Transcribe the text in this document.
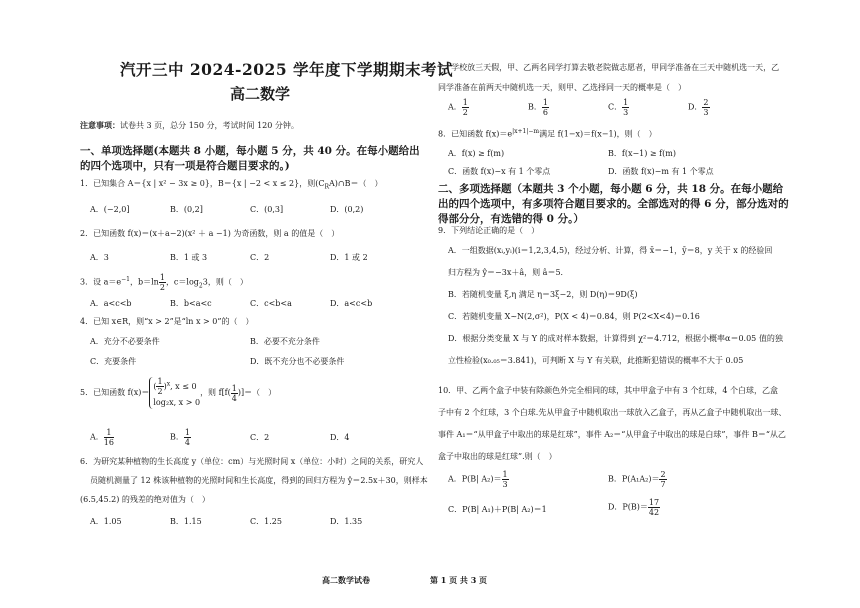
汽开三中 2024-2025 学年度下学期期末考试
高二数学
注意事项：试卷共 3 页，总分 150 分，考试时间 120 分钟。
一、单项选择题(本题共 8 小题，每小题 5 分，共 40 分。在每小题给出的四个选项中，只有一项是符合题目要求的。)
1．已知集合 A＝{x | x² − 3x ≥ 0}，B＝{x | −2 < x ≤ 2}，则$(C_RA)\cap B=$（　）
A．(−2,0]	B．(0,2]	C．(0,3]	D．(0,2)
2．已知函数 f(x)＝(x＋a−2)(x² ＋ a −1) 为奇函数，则 a 的值是（　）
A．3	B．1 或 3	C．2	D．1 或 2
3．设 $a=e^{-1}$，$b=\ln \frac{1}{2}$ ，$c=\log_23$，则（　）
A．a<c<b	B．b<a<c	C．c<b<a	D．a<c<b
4．已知 x∈R，则“x > 2”是“ln x > 0”的（　）
A．充分不必要条件	B．必要不充分条件
C．充要条件	D．既不充分也不必要条件
5．已知函数 $f(x)=( \frac{1}{2} )^x$, x ≤ 0
log₂x, x > 0，则 $f[f( \frac{1}{4}$ )]＝（　）
A． $\frac{1}{16}$	B． $\frac{1}{4}$	C．2	D．4
6．为研究某种植物的生长高度 y（单位：cm）与光照时间 x（单位：小时）之间的关系，研究人
员随机测量了 12 株该种植物的光照时间和生长高度，得到的回归方程为 ŷ＝2.5x＋30，则样本
(6.5,45.2) 的残差的绝对值为（　）
A．1.05	B．1.15	C．1.25	D．1.35
7．学校放三天假，甲、乙两名同学打算去敬老院做志愿者，甲同学准备在三天中随机选一天，乙
同学准备在前两天中随机选一天，则甲、乙选择同一天的概率是（　）
A． $\frac{1}{2}$	B． $\frac{1}{6}$	C． $\frac{1}{3}$	D． $\frac{2}{3}$
8．已知函数 $f(x)=e^{|x+1|-m}$满足 f(1−x)＝f(x−1)，则（　）
A．f(x) ≥ f(m)	B．f(x−1) ≥ f(m)
C．函数 f(x)−x 有 1 个零点	D．函数 f(x)−m 有 1 个零点
二、多项选择题（本题共 3 个小题，每小题 6 分，共 18 分。在每小题给出的四个选项中，有多项符合题目要求的。全部选对的得 6 分，部分选对的得部分分，有选错的得 0 分。）
9．下列结论正确的是（　）
A．一组数据(xᵢ,yᵢ)(i＝1,2,3,4,5)，经过分析、计算，得 x̄＝−1，ȳ＝8，y 关于 x 的经验回
归方程为 ŷ＝−3x＋â，则 â＝5．
B．若随机变量 ξ,η 满足 η＝3ξ−2，则 D(η)＝9D(ξ)
C．若随机变量 X~N(2,σ²)，P(X < 4)＝0.84，则 P(2<X<4)＝0.16
D．根据分类变量 X 与 Y 的成对样本数据，计算得到 χ²＝4.712，根据小概率α＝0.05 值的独
立性检验(x₀.₀₅＝3.841)，可判断 X 与 Y 有关联，此推断犯错误的概率不大于 0.05
10．甲、乙两个盒子中装有除颜色外完全相同的球，其中甲盒子中有 3 个红球，4 个白球，乙盒
子中有 2 个红球，3 个白球.先从甲盒子中随机取出一球放入乙盒子，再从乙盒子中随机取出一球、
事件 A₁＝“从甲盒子中取出的球是红球”，事件 A₂＝“从甲盒子中取出的球是白球”，事件 B＝“从乙
盒子中取出的球是红球”.则（　）
A．P(B| $A_2)= \frac{1}{3}$	B．$P(A_1A_2)= \frac{2}{7}$
C．P(B| A₁)＋P(B| A₂)＝1	D．$P(B)= \frac{17}{42}$
高二数学试卷	第 1 页 共 3 页
